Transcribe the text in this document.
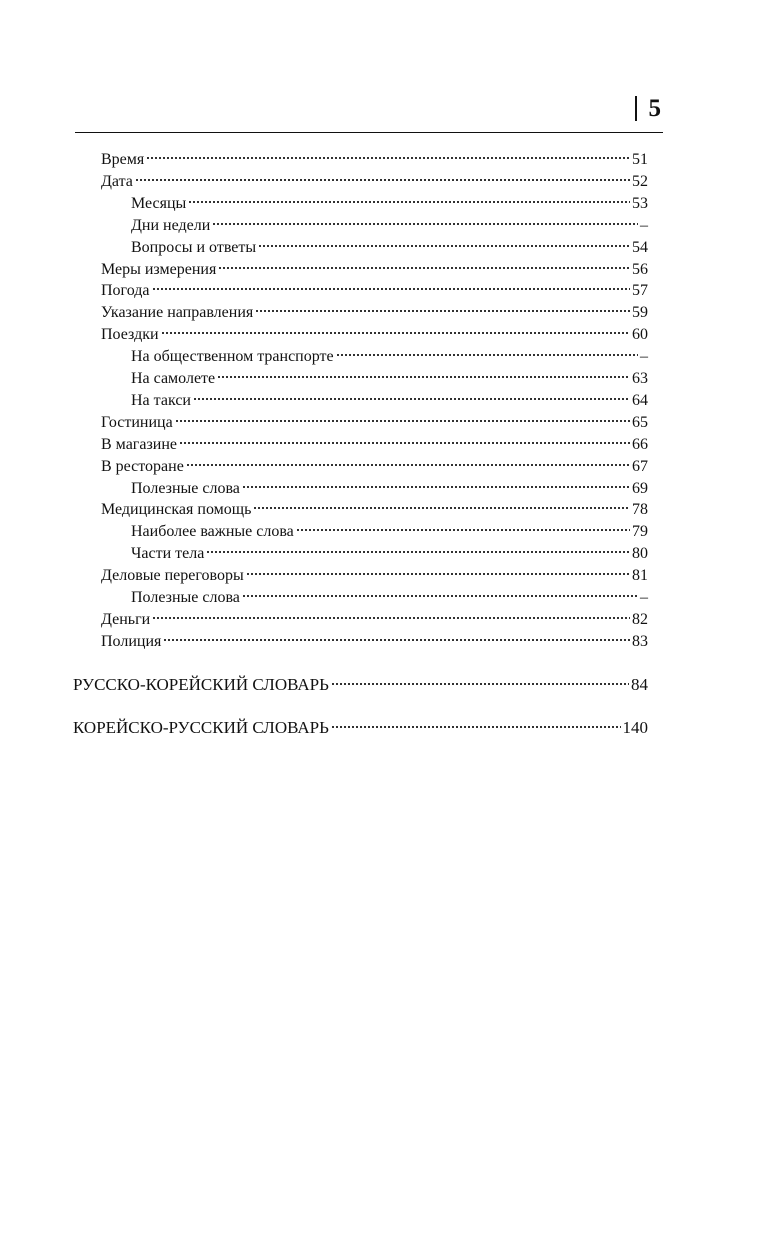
5
Время	51
Дата	52
Месяцы	53
Дни недели	–
Вопросы и ответы	54
Меры измерения	56
Погода	57
Указание направления	59
Поездки	60
На общественном транспорте	–
На самолете	63
На такси	64
Гостиница	65
В магазине	66
В ресторане	67
Полезные слова	69
Медицинская помощь	78
Наиболее важные слова	79
Части тела	80
Деловые переговоры	81
Полезные слова	–
Деньги	82
Полиция	83
РУССКО-КОРЕЙСКИЙ СЛОВАРЬ	84
КОРЕЙСКО-РУССКИЙ СЛОВАРЬ	140
